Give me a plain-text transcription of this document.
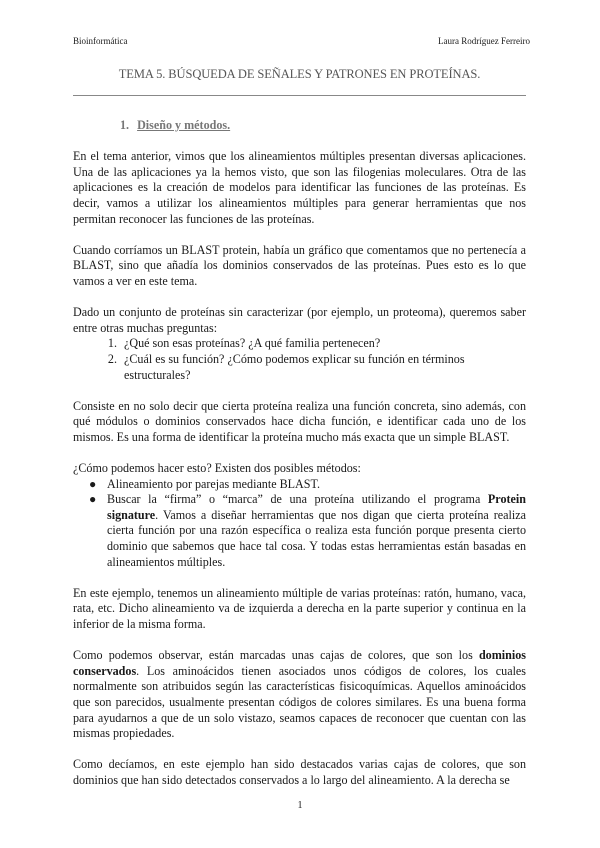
Bioinformática	Laura Rodríguez Ferreiro
TEMA 5. BÚSQUEDA DE SEÑALES Y PATRONES EN PROTEÍNAS.

1. Diseño y métodos.

En el tema anterior, vimos que los alineamientos múltiples presentan diversas aplicaciones. Una de las aplicaciones ya la hemos visto, que son las filogenias moleculares. Otra de las aplicaciones es la creación de modelos para identificar las funciones de las proteínas. Es decir, vamos a utilizar los alineamientos múltiples para generar herramientas que nos permitan reconocer las funciones de las proteínas.

Cuando corríamos un BLAST protein, había un gráfico que comentamos que no pertenecía a BLAST, sino que añadía los dominios conservados de las proteínas. Pues esto es lo que vamos a ver en este tema.

Dado un conjunto de proteínas sin caracterizar (por ejemplo, un proteoma), queremos saber entre otras muchas preguntas:

1. ¿Qué son esas proteínas? ¿A qué familia pertenecen?
2. ¿Cuál es su función? ¿Cómo podemos explicar su función en términos estructurales?

Consiste en no solo decir que cierta proteína realiza una función concreta, sino además, con qué módulos o dominios conservados hace dicha función, e identificar cada uno de los mismos. Es una forma de identificar la proteína mucho más exacta que un simple BLAST.

¿Cómo podemos hacer esto? Existen dos posibles métodos:

● Alineamiento por parejas mediante BLAST.
● Buscar la “firma” o “marca” de una proteína utilizando el programa Protein signature. Vamos a diseñar herramientas que nos digan que cierta proteína realiza cierta función por una razón específica o realiza esta función porque presenta cierto dominio que sabemos que hace tal cosa. Y todas estas herramientas están basadas en alineamientos múltiples.

En este ejemplo, tenemos un alineamiento múltiple de varias proteínas: ratón, humano, vaca, rata, etc. Dicho alineamiento va de izquierda a derecha en la parte superior y continua en la inferior de la misma forma.

Como podemos observar, están marcadas unas cajas de colores, que son los dominios conservados. Los aminoácidos tienen asociados unos códigos de colores, los cuales normalmente son atribuidos según las características fisicoquímicas. Aquellos aminoácidos que son parecidos, usualmente presentan códigos de colores similares. Es una buena forma para ayudarnos a que de un solo vistazo, seamos capaces de reconocer que cuentan con las mismas propiedades.

Como decíamos, en este ejemplo han sido destacados varias cajas de colores, que son dominios que han sido detectados conservados a lo largo del alineamiento. A la derecha se

1
